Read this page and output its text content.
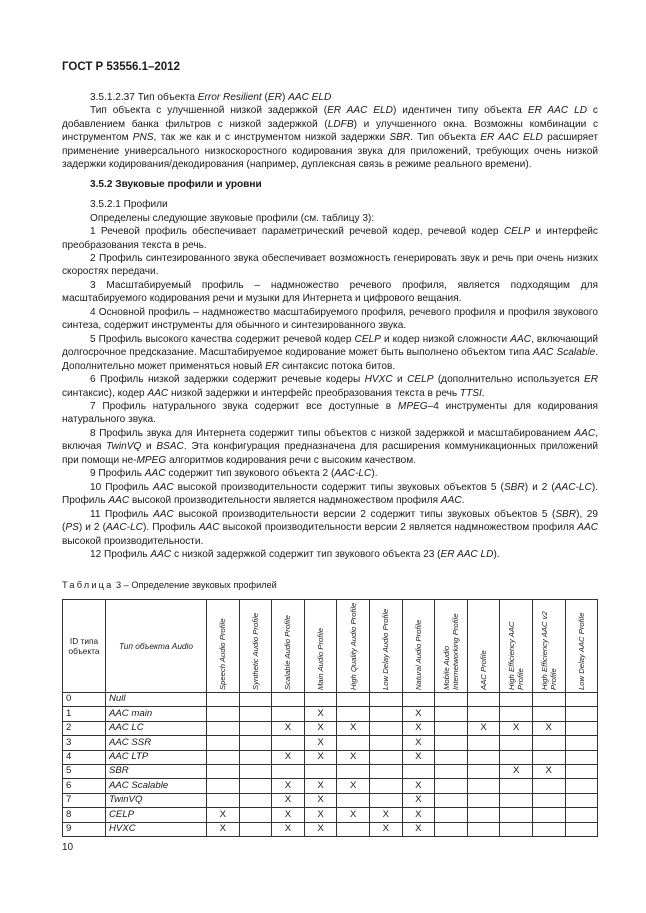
ГОСТ Р 53556.1–2012

3.5.1.2.37 Тип объекта Error Resilient (ER) AAC ELD

Тип объекта с улучшенной низкой задержкой (ER AAC ELD) идентичен типу объекта ER AAC LD с добавлением банка фильтров с низкой задержкой (LDFB) и улучшенного окна. Возможны комбинации с инструментом PNS, так же как и с инструментом низкой задержки SBR. Тип объекта ER AAC ELD расширяет применение универсального низкоскоростного кодирования звука для приложений, требующих очень низкой задержки кодирования/декодирования (например, дуплексная связь в режиме реального времени).

3.5.2 Звуковые профили и уровни

3.5.2.1 Профили

Определены следующие звуковые профили (см. таблицу 3):

1 Речевой профиль обеспечивает параметрический речевой кодер, речевой кодер CELP и интерфейс преобразования текста в речь.

2 Профиль синтезированного звука обеспечивает возможность генерировать звук и речь при очень низких скоростях передачи.

3 Масштабируемый профиль – надмножество речевого профиля, является подходящим для масштабируемого кодирования речи и музыки для Интернета и цифрового вещания.

4 Основной профиль – надмножество масштабируемого профиля, речевого профиля и профиля звукового синтеза, содержит инструменты для обычного и синтезированного звука.

5 Профиль высокого качества содержит речевой кодер CELP и кодер низкой сложности AAC, включающий долгосрочное предсказание. Масштабируемое кодирование может быть выполнено объектом типа AAC Scalable. Дополнительно может применяться новый ER синтаксис потока битов.

6 Профиль низкой задержки содержит речевые кодеры HVXC и CELP (дополнительно используется ER синтаксис), кодер AAC низкой задержки и интерфейс преобразования текста в речь TTSI.

7 Профиль натурального звука содержит все доступные в MPEG–4 инструменты для кодирования натурального звука.

8 Профиль звука для Интернета содержит типы объектов с низкой задержкой и масштабированием AAC, включая TwinVQ и BSAC. Эта конфигурация предназначена для расширения коммуникационных приложений при помощи не-MPEG алгоритмов кодирования речи с высоким качеством.

9 Профиль AAC содержит тип звукового объекта 2 (AAC-LC).

10 Профиль AAC высокой производительности содержит типы звуковых объектов 5 (SBR) и 2 (AAC-LC). Профиль AAC высокой производительности является надмножеством профиля AAC.

11 Профиль AAC высокой производительности версии 2 содержит типы звуковых объектов 5 (SBR), 29 (PS) и 2 (AAC-LC). Профиль AAC высокой производительности версии 2 является надмножеством профиля AAC высокой производительности.

12 Профиль AAC с низкой задержкой содержит тип звукового объекта 23 (ER AAC LD).

Таблица 3 – Определение звуковых профилей
ID типа объекта	Тип объекта Audio	Speech Audio Profile	Synthetic Audio Profile	Scalable Audio Profile	Main Audio Profile	High Quality Audio Profile	Low Delay Audio Profile	Natural Audio Profile	Mobile Audio Internetworking Profile	AAC Profile	High Efficiency AAC Profile	High Efficiency AAC v2 Profile	Low Delay AAC Profile

0	Null												
1	AAC main				X			X					
2	AAC LC			X	X	X		X		X	X	X	
3	AAC SSR				X			X					
4	AAC LTP			X	X	X		X					
5	SBR										X	X	
6	AAC Scalable			X	X	X		X					
7	TwinVQ			X	X			X					
8	CELP	X		X	X	X	X	X					
9	HVXC	X		X	X		X	X					
10
